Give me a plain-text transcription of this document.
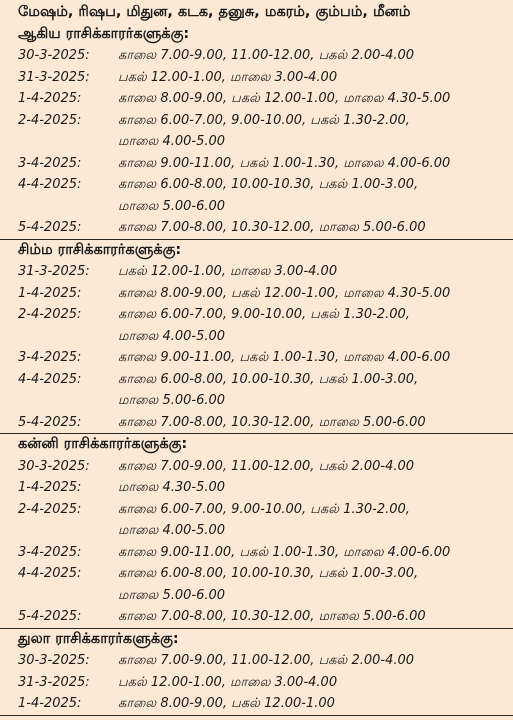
மேஷம், ரிஷப, மிதுன, கடக, தனுசு, மகரம், கும்பம், மீனம்
ஆகிய ராசிக்காரர்களுக்கு:
30-3-2025:	காலை 7.00-9.00, 11.00-12.00, பகல் 2.00-4.00
31-3-2025:	பகல் 12.00-1.00, மாலை 3.00-4.00
1-4-2025:	காலை 8.00-9.00, பகல் 12.00-1.00, மாலை 4.30-5.00
2-4-2025:	காலை 6.00-7.00, 9.00-10.00, பகல் 1.30-2.00,
மாலை 4.00-5.00
3-4-2025:	காலை 9.00-11.00, பகல் 1.00-1.30, மாலை 4.00-6.00
4-4-2025:	காலை 6.00-8.00, 10.00-10.30, பகல் 1.00-3.00,
மாலை 5.00-6.00
5-4-2025:	காலை 7.00-8.00, 10.30-12.00, மாலை 5.00-6.00
சிம்ம ராசிக்காரர்களுக்கு:
31-3-2025:	பகல் 12.00-1.00, மாலை 3.00-4.00
1-4-2025:	காலை 8.00-9.00, பகல் 12.00-1.00, மாலை 4.30-5.00
2-4-2025:	காலை 6.00-7.00, 9.00-10.00, பகல் 1.30-2.00,
மாலை 4.00-5.00
3-4-2025:	காலை 9.00-11.00, பகல் 1.00-1.30, மாலை 4.00-6.00
4-4-2025:	காலை 6.00-8.00, 10.00-10.30, பகல் 1.00-3.00,
மாலை 5.00-6.00
5-4-2025:	காலை 7.00-8.00, 10.30-12.00, மாலை 5.00-6.00
கன்னி ராசிக்காரர்களுக்கு:
30-3-2025:	காலை 7.00-9.00, 11.00-12.00, பகல் 2.00-4.00
1-4-2025:	மாலை 4.30-5.00
2-4-2025:	காலை 6.00-7.00, 9.00-10.00, பகல் 1.30-2.00,
மாலை 4.00-5.00
3-4-2025:	காலை 9.00-11.00, பகல் 1.00-1.30, மாலை 4.00-6.00
4-4-2025:	காலை 6.00-8.00, 10.00-10.30, பகல் 1.00-3.00,
மாலை 5.00-6.00
5-4-2025:	காலை 7.00-8.00, 10.30-12.00, மாலை 5.00-6.00
துலா ராசிக்காரர்களுக்கு:
30-3-2025:	காலை 7.00-9.00, 11.00-12.00, பகல் 2.00-4.00
31-3-2025:	பகல் 12.00-1.00, மாலை 3.00-4.00
1-4-2025:	காலை 8.00-9.00, பகல் 12.00-1.00
